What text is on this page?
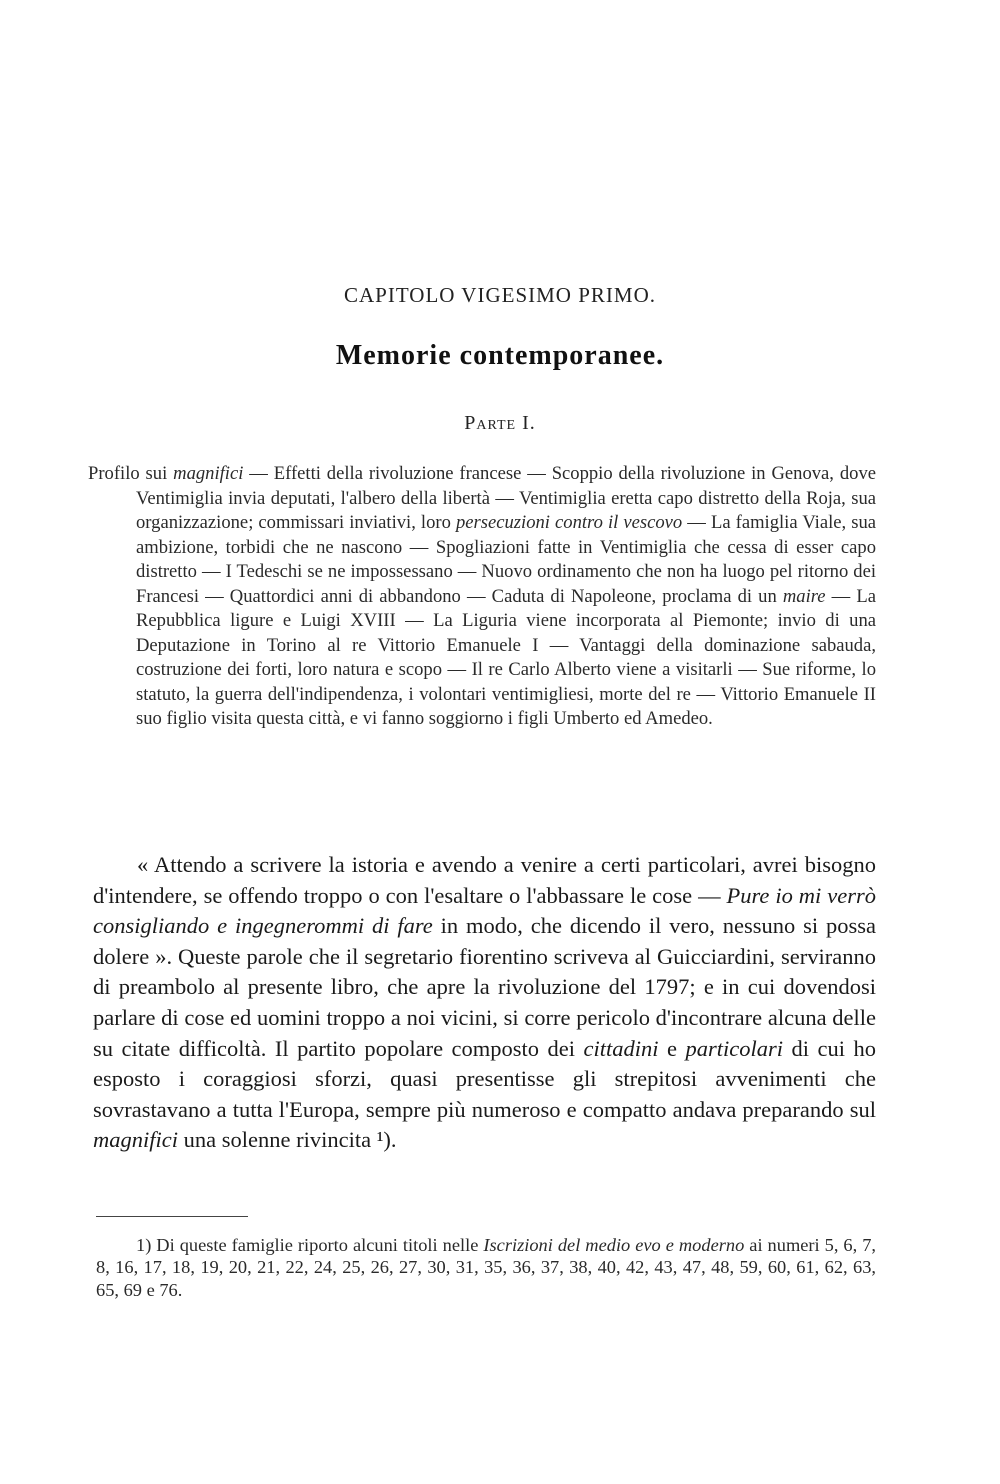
CAPITOLO VIGESIMO PRIMO.
Memorie contemporanee.
Parte I.
Profilo sui magnifici — Effetti della rivoluzione francese — Scoppio della rivoluzione in Genova, dove Ventimiglia invia deputati, l'albero della libertà — Ventimiglia eretta capo distretto della Roja, sua organizzazione; commissari inviativi, loro persecuzioni contro il vescovo — La famiglia Viale, sua ambizione, torbidi che ne nascono — Spogliazioni fatte in Ventimiglia che cessa di esser capo distretto — I Tedeschi se ne impossessano — Nuovo ordinamento che non ha luogo pel ritorno dei Francesi — Quattordici anni di abbandono — Caduta di Napoleone, proclama di un maire — La Repubblica ligure e Luigi XVIII — La Liguria viene incorporata al Piemonte; invio di una Deputazione in Torino al re Vittorio Emanuele I — Vantaggi della dominazione sabauda, costruzione dei forti, loro natura e scopo — Il re Carlo Alberto viene a visitarli — Sue riforme, lo statuto, la guerra dell'indipendenza, i volontari ventimigliesi, morte del re — Vittorio Emanuele II suo figlio visita questa città, e vi fanno soggiorno i figli Umberto ed Amedeo.
« Attendo a scrivere la istoria e avendo a venire a certi particolari, avrei bisogno d'intendere, se offendo troppo o con l'esaltare o l'abbassare le cose — Pure io mi verrò consigliando e ingegnerommi di fare in modo, che dicendo il vero, nessuno si possa dolere ». Queste parole che il segretario fiorentino scriveva al Guicciardini, serviranno di preambolo al presente libro, che apre la rivoluzione del 1797; e in cui dovendosi parlare di cose ed uomini troppo a noi vicini, si corre pericolo d'incontrare alcuna delle su citate difficoltà. Il partito popolare composto dei cittadini e particolari di cui ho esposto i coraggiosi sforzi, quasi presentisse gli strepitosi avvenimenti che sovrastavano a tutta l'Europa, sempre più numeroso e compatto andava preparando sul magnifici una solenne rivincita ¹).
1) Di queste famiglie riporto alcuni titoli nelle Iscrizioni del medio evo e moderno ai numeri 5, 6, 7, 8, 16, 17, 18, 19, 20, 21, 22, 24, 25, 26, 27, 30, 31, 35, 36, 37, 38, 40, 42, 43, 47, 48, 59, 60, 61, 62, 63, 65, 69 e 76.
